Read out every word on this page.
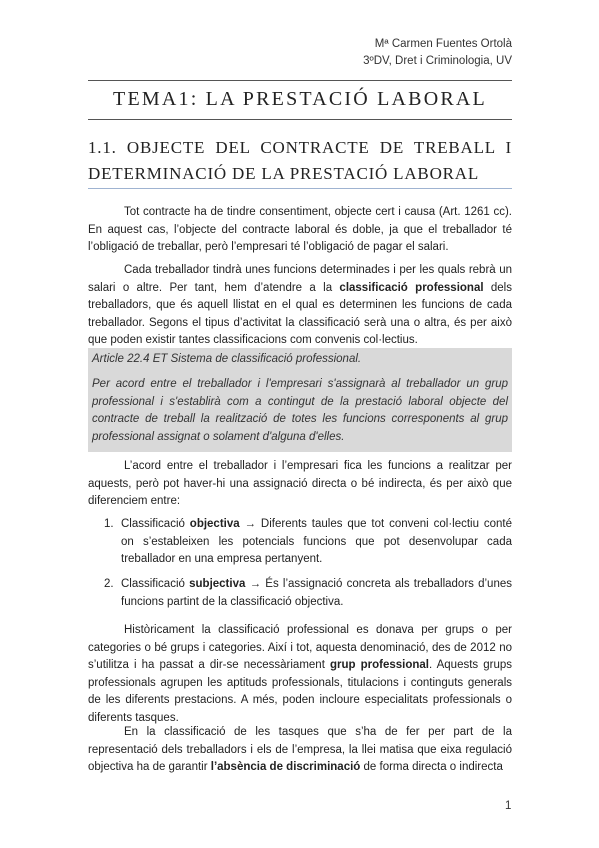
Mª Carmen Fuentes Ortolà
3ºDV, Dret i Criminologia, UV
TEMA1: LA PRESTACIÓ LABORAL
1.1. OBJECTE DEL CONTRACTE DE TREBALL I
DETERMINACIÓ DE LA PRESTACIÓ LABORAL

Tot contracte ha de tindre consentiment, objecte cert i causa (Art. 1261 cc). En aquest cas, l’objecte del contracte laboral és doble, ja que el treballador té l’obligació de treballar, però l’empresari té l’obligació de pagar el salari.

Cada treballador tindrà unes funcions determinades i per les quals rebrà un salari o altre. Per tant, hem d’atendre a la classificació professional dels treballadors, que és aquell llistat en el qual es determinen les funcions de cada treballador. Segons el tipus d’activitat la classificació serà una o altra, és per això que poden existir tantes classificacions com convenis col·lectius.

Article 22.4 ET Sistema de classificació professional.

Per acord entre el treballador i l'empresari s'assignarà al treballador un grup professional i s'establirà com a contingut de la prestació laboral objecte del contracte de treball la realització de totes les funcions corresponents al grup professional assignat o solament d'alguna d'elles.

L’acord entre el treballador i l’empresari fica les funcions a realitzar per aquests, però pot haver-hi una assignació directa o bé indirecta, és per això que diferenciem entre:

1. Classificació objectiva → Diferents taules que tot conveni col·lectiu conté on s’estableixen les potencials funcions que pot desenvolupar cada treballador en una empresa pertanyent.

2. Classificació subjectiva → És l’assignació concreta als treballadors d’unes funcions partint de la classificació objectiva.

Històricament la classificació professional es donava per grups o per categories o bé grups i categories. Així i tot, aquesta denominació, des de 2012 no s’utilitza i ha passat a dir-se necessàriament grup professional. Aquests grups professionals agrupen les aptituds professionals, titulacions i continguts generals de les diferents prestacions. A més, poden incloure especialitats professionals o diferents tasques.

En la classificació de les tasques que s’ha de fer per part de la representació dels treballadors i els de l’empresa, la llei matisa que eixa regulació objectiva ha de garantir l’absència de discriminació de forma directa o indirecta

1
